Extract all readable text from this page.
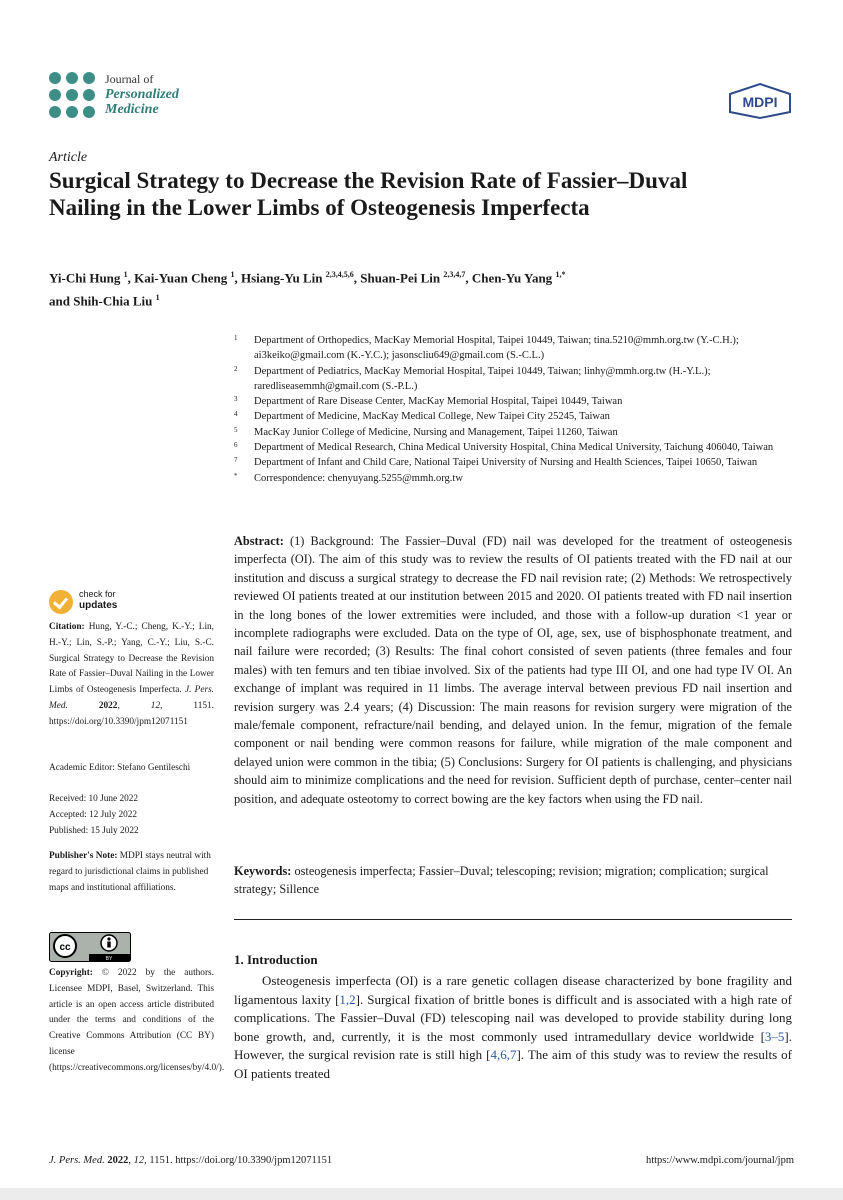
Journal of
Personalized
Medicine	MDPI
Article
Surgical Strategy to Decrease the Revision Rate of Fassier–Duval Nailing in the Lower Limbs of Osteogenesis Imperfecta
Yi-Chi Hung $^1$, Kai-Yuan Cheng $^1$, Hsiang-Yu Lin $^{2,3,4,5,6}$, Shuan-Pei Lin $^{2,3,4,7}$, Chen-Yu Yang $^{1,*}$
and Shih-Chia Liu $^1$
1 Department of Orthopedics, MacKay Memorial Hospital, Taipei 10449, Taiwan; tina.5210@mmh.org.tw (Y.-C.H.); ai3keiko@gmail.com (K.-Y.C.); jasonscliu649@gmail.com (S.-C.L.)
2 Department of Pediatrics, MacKay Memorial Hospital, Taipei 10449, Taiwan; linhy@mmh.org.tw (H.-Y.L.); raredliseasemmh@gmail.com (S.-P.L.)
3 Department of Rare Disease Center, MacKay Memorial Hospital, Taipei 10449, Taiwan
4 Department of Medicine, MacKay Medical College, New Taipei City 25245, Taiwan
5 MacKay Junior College of Medicine, Nursing and Management, Taipei 11260, Taiwan
6 Department of Medical Research, China Medical University Hospital, China Medical University, Taichung 406040, Taiwan
7 Department of Infant and Child Care, National Taipei University of Nursing and Health Sciences, Taipei 10650, Taiwan
* Correspondence: chenyuyang.5255@mmh.org.tw
Abstract: (1) Background: The Fassier–Duval (FD) nail was developed for the treatment of osteogenesis imperfecta (OI). The aim of this study was to review the results of OI patients treated with the FD nail at our institution and discuss a surgical strategy to decrease the FD nail revision rate; (2) Methods: We retrospectively reviewed OI patients treated at our institution between 2015 and 2020. OI patients treated with FD nail insertion in the long bones of the lower extremities were included, and those with a follow-up duration <1 year or incomplete radiographs were excluded. Data on the type of OI, age, sex, use of bisphosphonate treatment, and nail failure were recorded; (3) Results: The final cohort consisted of seven patients (three females and four males) with ten femurs and ten tibiae involved. Six of the patients had type III OI, and one had type IV OI. An exchange of implant was required in 11 limbs. The average interval between previous FD nail insertion and revision surgery was 2.4 years; (4) Discussion: The main reasons for revision surgery were migration of the male/female component, refracture/nail bending, and delayed union. In the femur, migration of the female component or nail bending were common reasons for failure, while migration of the male component and delayed union were common in the tibia; (5) Conclusions: Surgery for OI patients is challenging, and physicians should aim to minimize complications and the need for revision. Sufficient depth of purchase, center–center nail position, and adequate osteotomy to correct bowing are the key factors when using the FD nail.
Keywords: osteogenesis imperfecta; Fassier–Duval; telescoping; revision; migration; complication; surgical strategy; Sillence
1. Introduction
Osteogenesis imperfecta (OI) is a rare genetic collagen disease characterized by bone fragility and ligamentous laxity [1,2]. Surgical fixation of brittle bones is difficult and is associated with a high rate of complications. The Fassier–Duval (FD) telescoping nail was developed to provide stability during long bone growth, and, currently, it is the most commonly used intramedullary device worldwide [3–5]. However, the surgical revision rate is still high [4,6,7]. The aim of this study was to review the results of OI patients treated
check for
updates
Citation: Hung, Y.-C.; Cheng, K.-Y.; Lin, H.-Y.; Lin, S.-P.; Yang, C.-Y.; Liu, S.-C. Surgical Strategy to Decrease the Revision Rate of Fassier–Duval Nailing in the Lower Limbs of Osteogenesis Imperfecta. J. Pers. Med.	2022, 12, 1151. https://doi.org/10.3390/jpm12071151
Academic Editor: Stefano Gentileschi
Received: 10 June 2022
Accepted: 12 July 2022
Published: 15 July 2022
Publisher's Note: MDPI stays neutral with regard to jurisdictional claims in published maps and institutional affiliations.
cc
BY
Copyright: © 2022 by the authors. Licensee MDPI, Basel, Switzerland. This article is an open access article distributed under the terms and conditions of the Creative Commons Attribution (CC BY) license (https://creativecommons.org/licenses/by/4.0/).
J. Pers. Med. 2022, 12, 1151. https://doi.org/10.3390/jpm12071151	https://www.mdpi.com/journal/jpm
